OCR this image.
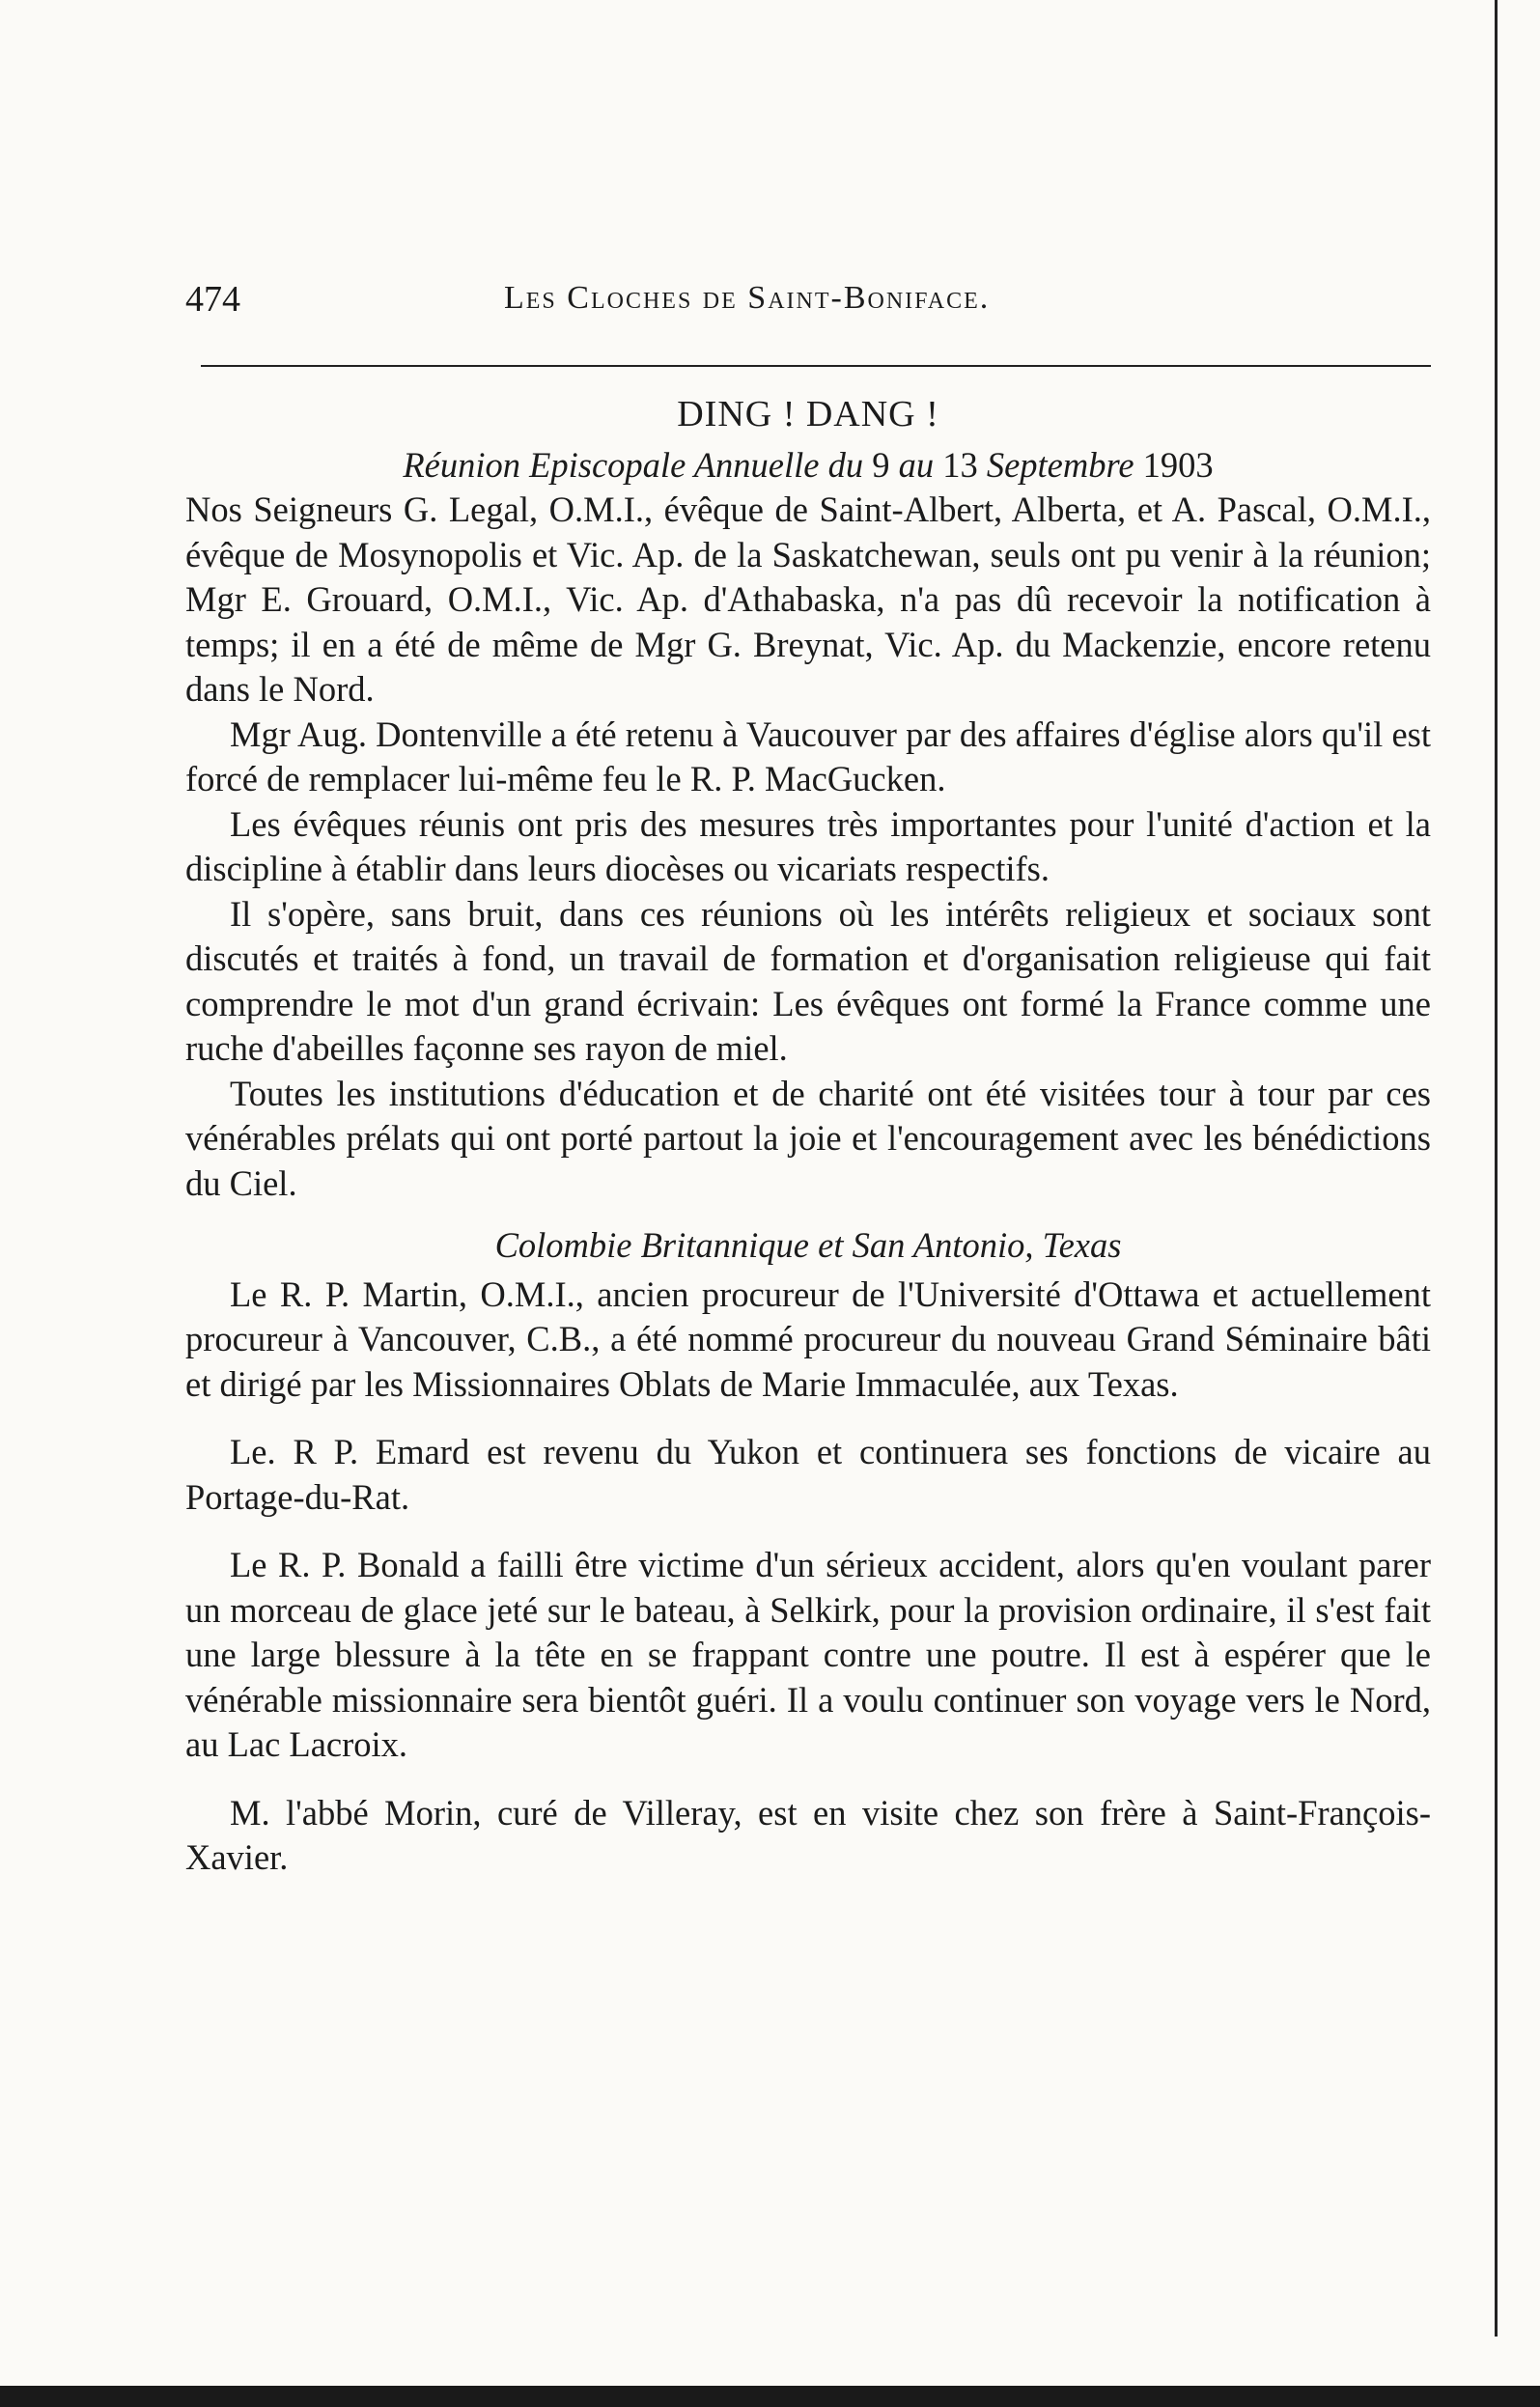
474	Les Cloches de Saint-Boniface.
DING ! DANG !
Réunion Episcopale Annuelle du 9 au 13 Septembre 1903

Nos Seigneurs G. Legal, O.M.I., évêque de Saint-Albert, Alberta, et A. Pascal, O.M.I., évêque de Mosynopolis et Vic. Ap. de la Saskatchewan, seuls ont pu venir à la réunion; Mgr E. Grouard, O.M.I., Vic. Ap. d'Athabaska, n'a pas dû recevoir la notification à temps; il en a été de même de Mgr G. Breynat, Vic. Ap. du Mackenzie, encore retenu dans le Nord.

Mgr Aug. Dontenville a été retenu à Vaucouver par des affaires d'église alors qu'il est forcé de remplacer lui-même feu le R. P. MacGucken.

Les évêques réunis ont pris des mesures très importantes pour l'unité d'action et la discipline à établir dans leurs diocèses ou vicariats respectifs.

Il s'opère, sans bruit, dans ces réunions où les intérêts religieux et sociaux sont discutés et traités à fond, un travail de formation et d'organisation religieuse qui fait comprendre le mot d'un grand écrivain: Les évêques ont formé la France comme une ruche d'abeilles façonne ses rayon de miel.

Toutes les institutions d'éducation et de charité ont été visitées tour à tour par ces vénérables prélats qui ont porté partout la joie et l'encouragement avec les bénédictions du Ciel.

Colombie Britannique et San Antonio, Texas

Le R. P. Martin, O.M.I., ancien procureur de l'Université d'Ottawa et actuellement procureur à Vancouver, C.B., a été nommé procureur du nouveau Grand Séminaire bâti et dirigé par les Missionnaires Oblats de Marie Immaculée, aux Texas.

Le. R P. Emard est revenu du Yukon et continuera ses fonctions de vicaire au Portage-du-Rat.

Le R. P. Bonald a failli être victime d'un sérieux accident, alors qu'en voulant parer un morceau de glace jeté sur le bateau, à Selkirk, pour la provision ordinaire, il s'est fait une large blessure à la tête en se frappant contre une poutre. Il est à espérer que le vénérable missionnaire sera bientôt guéri. Il a voulu continuer son voyage vers le Nord, au Lac Lacroix.

M. l'abbé Morin, curé de Villeray, est en visite chez son frère à Saint-François-Xavier.
